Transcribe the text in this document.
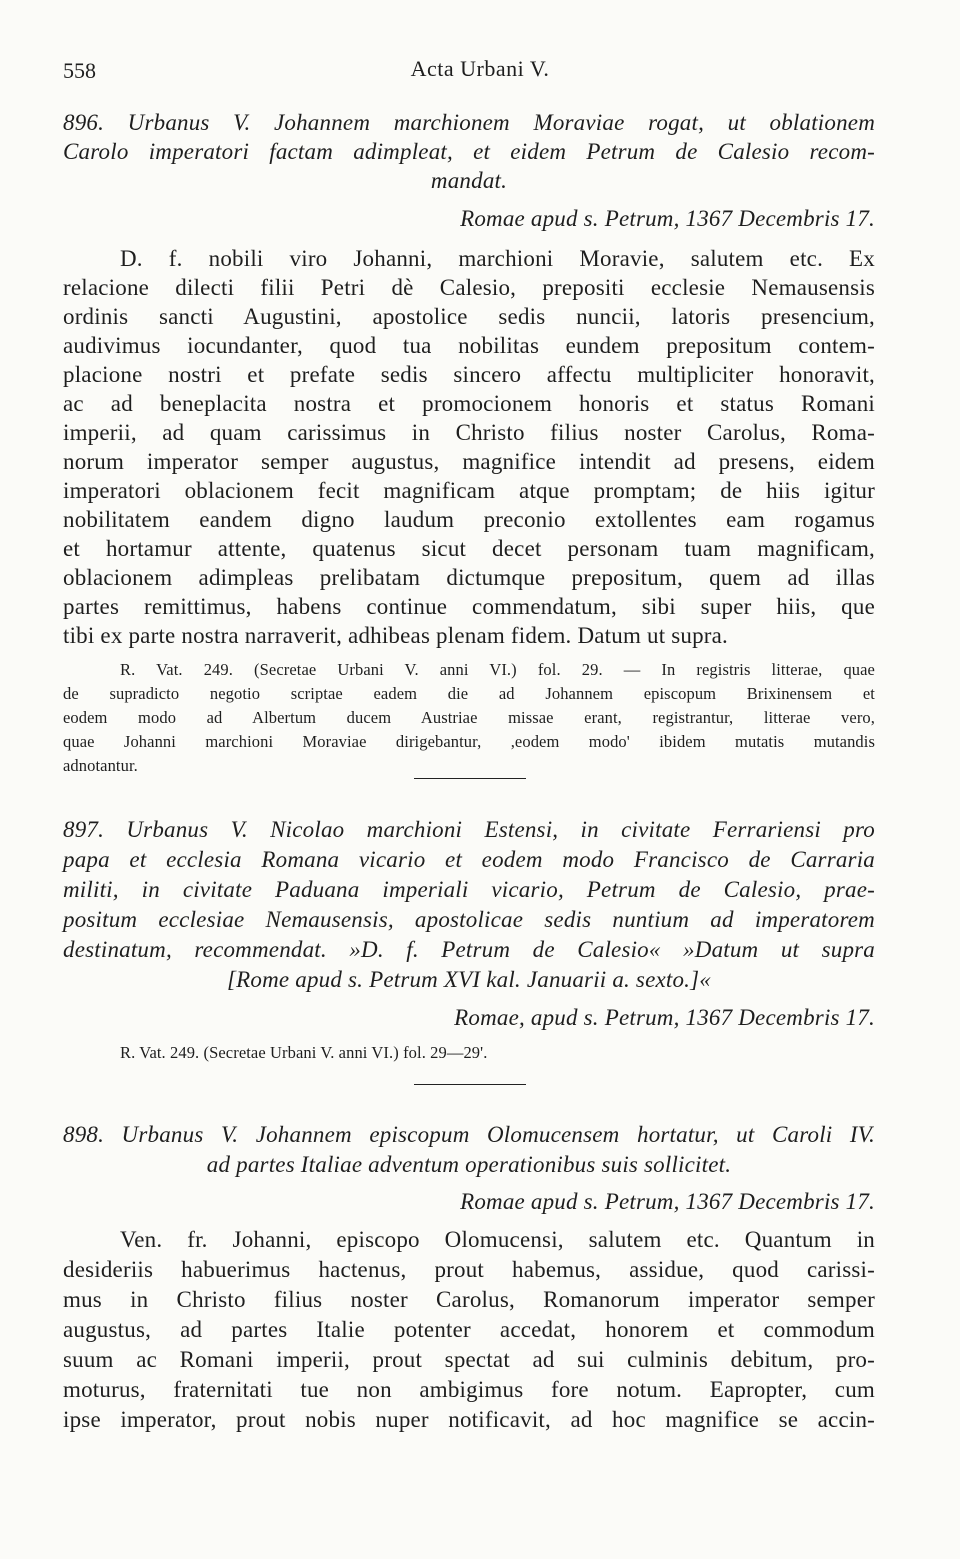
558	Acta Urbani V.
896. Urbanus V. Johannem marchionem Moraviae rogat, ut oblationem
Carolo imperatori factam adimpleat, et eidem Petrum de Calesio recom-
mandat.
Romae apud s. Petrum, 1367 Decembris 17.
D. f. nobili viro Johanni, marchioni Moravie, salutem etc. Ex
relacione dilecti filii Petri dè Calesio, prepositi ecclesie Nemausensis
ordinis sancti Augustini, apostolice sedis nuncii, latoris presencium,
audivimus iocundanter, quod tua nobilitas eundem prepositum contem-
placione nostri et prefate sedis sincero affectu multipliciter honoravit,
ac ad beneplacita nostra et promocionem honoris et status Romani
imperii, ad quam carissimus in Christo filius noster Carolus, Roma-
norum imperator semper augustus, magnifice intendit ad presens, eidem
imperatori oblacionem fecit magnificam atque promptam; de hiis igitur
nobilitatem eandem digno laudum preconio extollentes eam rogamus
et hortamur attente, quatenus sicut decet personam tuam magnificam,
oblacionem adimpleas prelibatam dictumque prepositum, quem ad illas
partes remittimus, habens continue commendatum, sibi super hiis, que
tibi ex parte nostra narraverit, adhibeas plenam fidem. Datum ut supra.
R. Vat. 249. (Secretae Urbani V. anni VI.) fol. 29. — In registris litterae, quae
de supradicto negotio scriptae eadem die ad Johannem episcopum Brixinensem et
eodem modo ad Albertum ducem Austriae missae erant, registrantur, litterae vero,
quae Johanni marchioni Moraviae dirigebantur, ,eodem modo' ibidem mutatis mutandis
adnotantur.
897. Urbanus V. Nicolao marchioni Estensi, in civitate Ferrariensi pro
papa et ecclesia Romana vicario et eodem modo Francisco de Carraria
militi, in civitate Paduana imperiali vicario, Petrum de Calesio, prae-
positum ecclesiae Nemausensis, apostolicae sedis nuntium ad imperatorem
destinatum, recommendat. »D. f. Petrum de Calesio« »Datum ut supra
[Rome apud s. Petrum XVI kal. Januarii a. sexto.]«
Romae, apud s. Petrum, 1367 Decembris 17.
R. Vat. 249. (Secretae Urbani V. anni VI.) fol. 29—29'.
898. Urbanus V. Johannem episcopum Olomucensem hortatur, ut Caroli IV.
ad partes Italiae adventum operationibus suis sollicitet.
Romae apud s. Petrum, 1367 Decembris 17.
Ven. fr. Johanni, episcopo Olomucensi, salutem etc. Quantum in
desideriis habuerimus hactenus, prout habemus, assidue, quod carissi-
mus in Christo filius noster Carolus, Romanorum imperator semper
augustus, ad partes Italie potenter accedat, honorem et commodum
suum ac Romani imperii, prout spectat ad sui culminis debitum, pro-
moturus, fraternitati tue non ambigimus fore notum. Eapropter, cum
ipse imperator, prout nobis nuper notificavit, ad hoc magnifice se accin-
